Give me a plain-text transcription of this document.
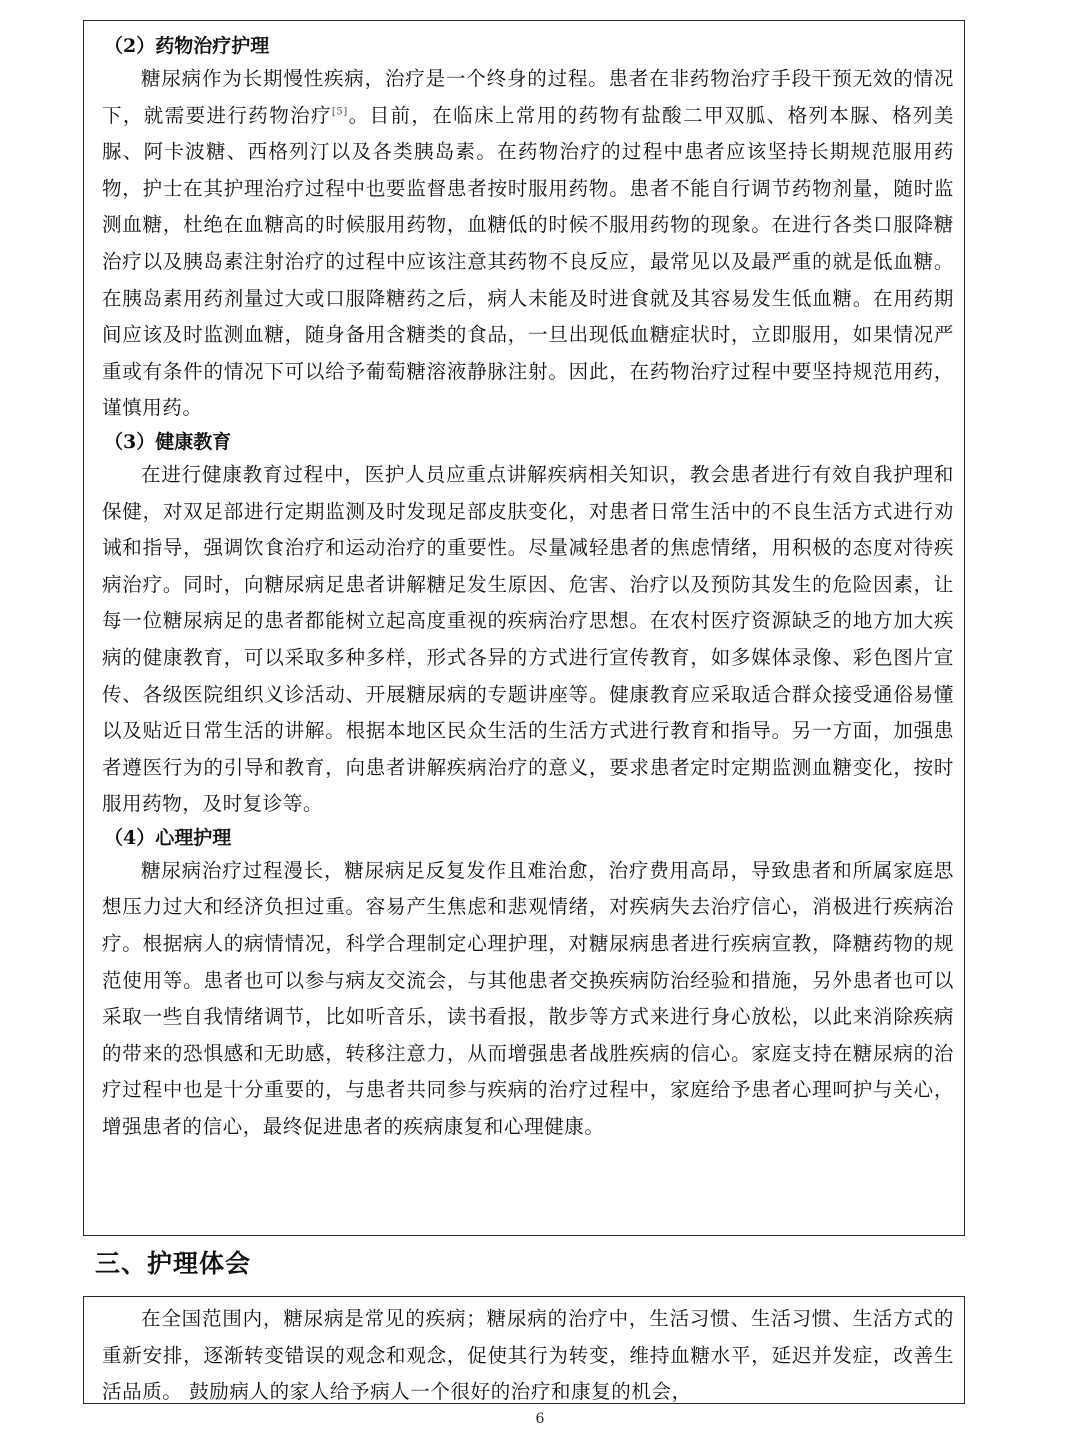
（2）药物治疗护理

糖尿病作为长期慢性疾病，治疗是一个终身的过程。患者在非药物治疗手段干预无效的情况下，就需要进行药物治疗[5]。目前，在临床上常用的药物有盐酸二甲双胍、格列本脲、格列美脲、阿卡波糖、西格列汀以及各类胰岛素。在药物治疗的过程中患者应该坚持长期规范服用药物，护士在其护理治疗过程中也要监督患者按时服用药物。患者不能自行调节药物剂量，随时监测血糖，杜绝在血糖高的时候服用药物，血糖低的时候不服用药物的现象。在进行各类口服降糖治疗以及胰岛素注射治疗的过程中应该注意其药物不良反应，最常见以及最严重的就是低血糖。在胰岛素用药剂量过大或口服降糖药之后，病人未能及时进食就及其容易发生低血糖。在用药期间应该及时监测血糖，随身备用含糖类的食品，一旦出现低血糖症状时，立即服用，如果情况严重或有条件的情况下可以给予葡萄糖溶液静脉注射。因此，在药物治疗过程中要坚持规范用药，谨慎用药。

（3）健康教育

在进行健康教育过程中，医护人员应重点讲解疾病相关知识，教会患者进行有效自我护理和保健，对双足部进行定期监测及时发现足部皮肤变化，对患者日常生活中的不良生活方式进行劝诫和指导，强调饮食治疗和运动治疗的重要性。尽量减轻患者的焦虑情绪，用积极的态度对待疾病治疗。同时，向糖尿病足患者讲解糖足发生原因、危害、治疗以及预防其发生的危险因素，让每一位糖尿病足的患者都能树立起高度重视的疾病治疗思想。在农村医疗资源缺乏的地方加大疾病的健康教育，可以采取多种多样，形式各异的方式进行宣传教育，如多媒体录像、彩色图片宣传、各级医院组织义诊活动、开展糖尿病的专题讲座等。健康教育应采取适合群众接受通俗易懂以及贴近日常生活的讲解。根据本地区民众生活的生活方式进行教育和指导。另一方面，加强患者遵医行为的引导和教育，向患者讲解疾病治疗的意义，要求患者定时定期监测血糖变化，按时服用药物，及时复诊等。

（4）心理护理

糖尿病治疗过程漫长，糖尿病足反复发作且难治愈，治疗费用高昂，导致患者和所属家庭思想压力过大和经济负担过重。容易产生焦虑和悲观情绪，对疾病失去治疗信心，消极进行疾病治疗。根据病人的病情情况，科学合理制定心理护理，对糖尿病患者进行疾病宣教，降糖药物的规范使用等。患者也可以参与病友交流会，与其他患者交换疾病防治经验和措施，另外患者也可以采取一些自我情绪调节，比如听音乐，读书看报，散步等方式来进行身心放松，以此来消除疾病的带来的恐惧感和无助感，转移注意力，从而增强患者战胜疾病的信心。家庭支持在糖尿病的治疗过程中也是十分重要的，与患者共同参与疾病的治疗过程中，家庭给予患者心理呵护与关心，增强患者的信心，最终促进患者的疾病康复和心理健康。

三、护理体会

在全国范围内，糖尿病是常见的疾病；糖尿病的治疗中，生活习惯、生活习惯、生活方式的重新安排，逐渐转变错误的观念和观念，促使其行为转变，维持血糖水平，延迟并发症，改善生活品质。 鼓励病人的家人给予病人一个很好的治疗和康复的机会，

6
